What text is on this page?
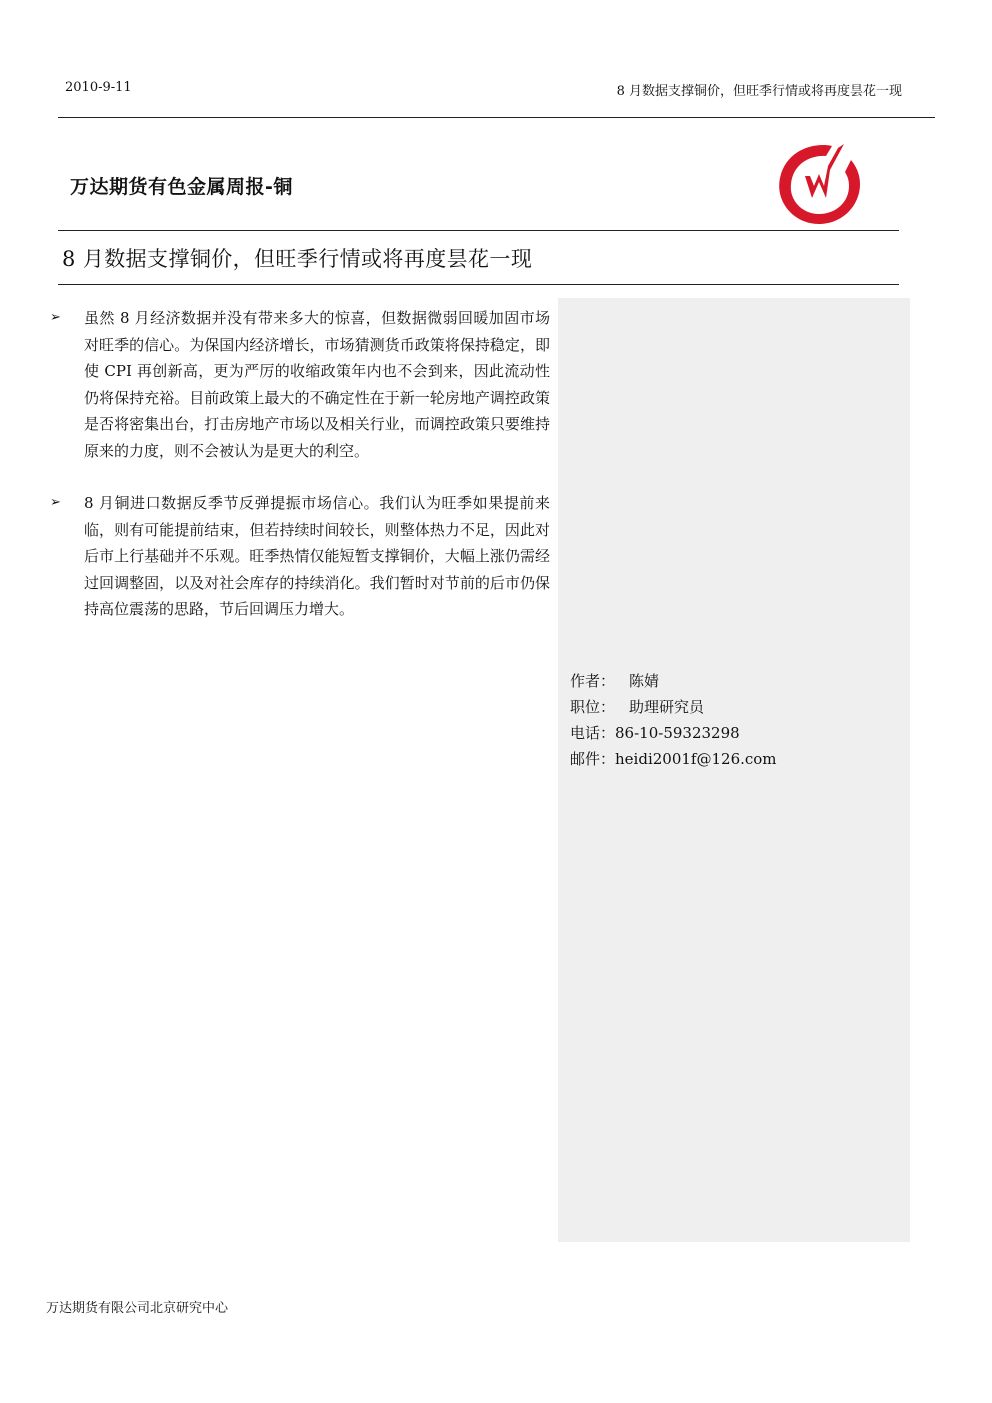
2010-9-11	8 月数据支撑铜价，但旺季行情或将再度昙花一现
万达期货有色金属周报-铜
8 月数据支撑铜价，但旺季行情或将再度昙花一现
➢ 虽然 8 月经济数据并没有带来多大的惊喜，但数据微弱回暖加固市场对旺季的信心。为保国内经济增长，市场猜测货币政策将保持稳定，即使 CPI 再创新高，更为严厉的收缩政策年内也不会到来，因此流动性仍将保持充裕。目前政策上最大的不确定性在于新一轮房地产调控政策是否将密集出台，打击房地产市场以及相关行业，而调控政策只要维持原来的力度，则不会被认为是更大的利空。
➢ 8 月铜进口数据反季节反弹提振市场信心。我们认为旺季如果提前来临，则有可能提前结束，但若持续时间较长，则整体热力不足，因此对后市上行基础并不乐观。旺季热情仅能短暂支撑铜价，大幅上涨仍需经过回调整固，以及对社会库存的持续消化。我们暂时对节前的后市仍保持高位震荡的思路，节后回调压力增大。
作者： 陈婧
职位： 助理研究员
电话：86-10-59323298
邮件：heidi2001f@126.com
万达期货有限公司北京研究中心
